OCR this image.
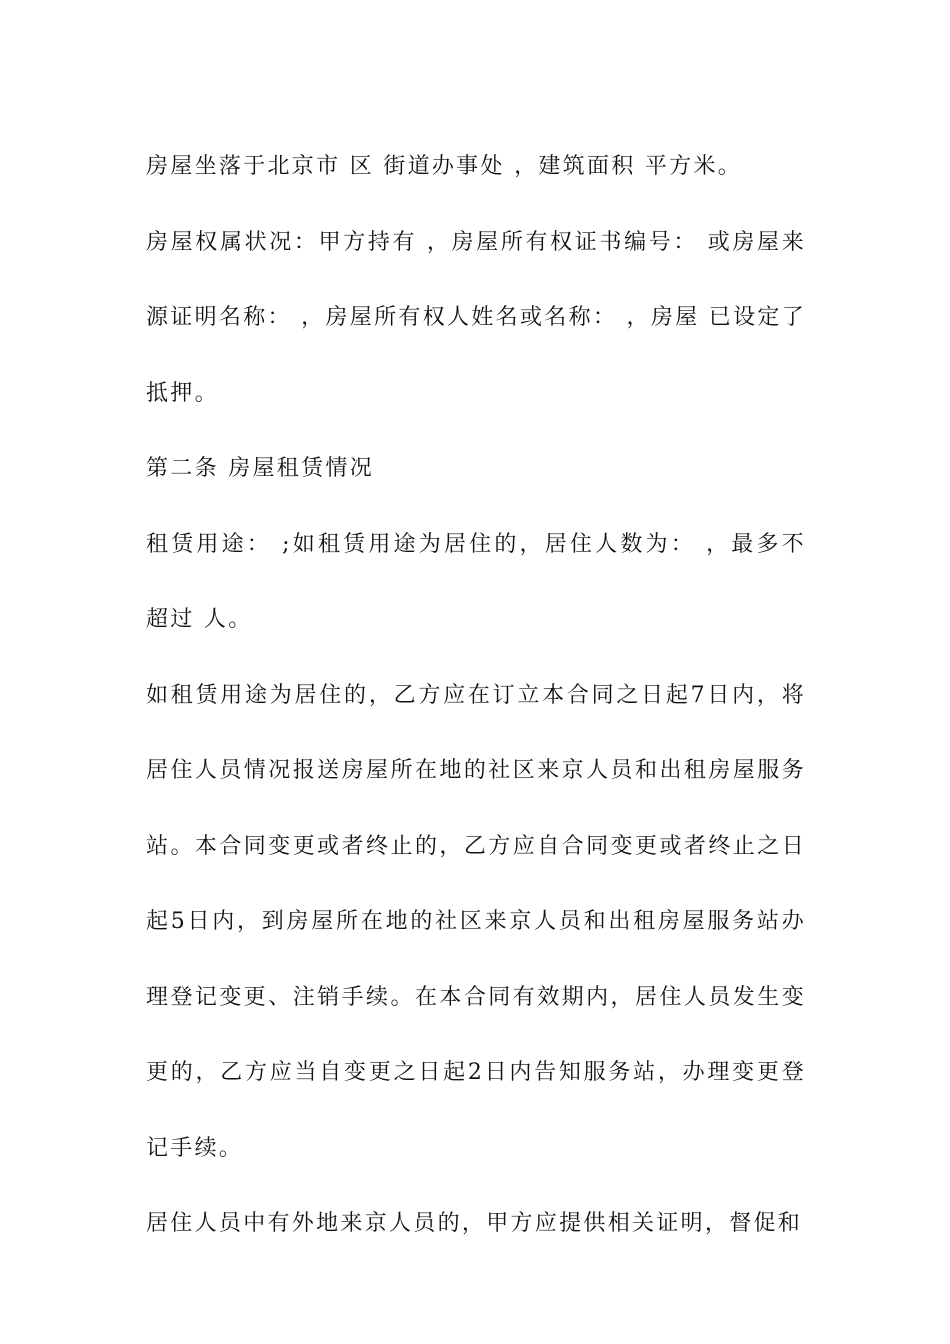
房屋坐落于北京市 区 街道办事处 ，建筑面积 平方米。

房屋权属状况：甲方持有 ，房屋所有权证书编号： 或房屋来源证明名称： ，房屋所有权人姓名或名称： ，房屋 已设定了抵押。

第二条 房屋租赁情况

租赁用途： ;如租赁用途为居住的，居住人数为： ，最多不超过 人。

如租赁用途为居住的，乙方应在订立本合同之日起7日内，将居住人员情况报送房屋所在地的社区来京人员和出租房屋服务站。本合同变更或者终止的，乙方应自合同变更或者终止之日起5日内，到房屋所在地的社区来京人员和出租房屋服务站办理登记变更、注销手续。在本合同有效期内，居住人员发生变更的，乙方应当自变更之日起2日内告知服务站，办理变更登记手续。

居住人员中有外地来京人员的，甲方应提供相关证明，督促和
